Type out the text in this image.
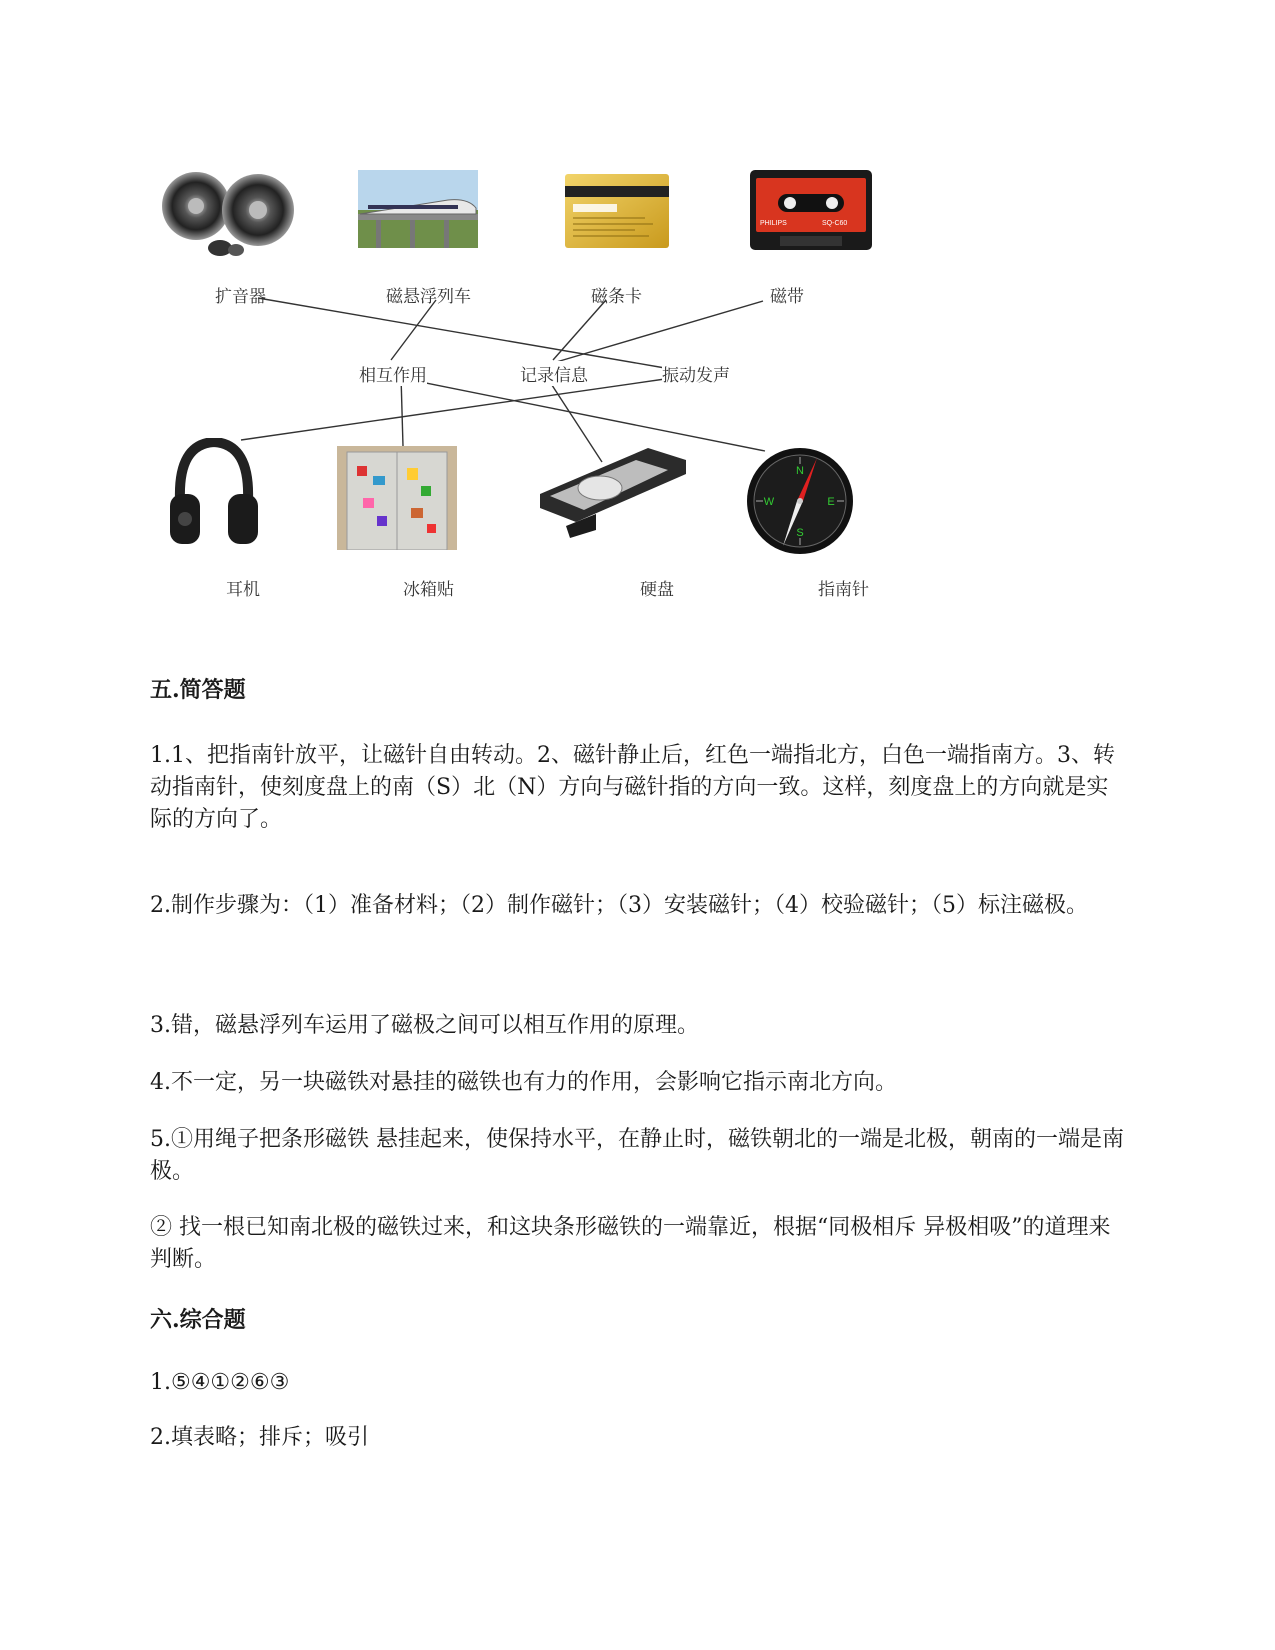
PHILIPS	SQ-C60
扩音器	磁悬浮列车	磁条卡	磁带
相互作用	记录信息	振动发声
N
E
S
W
耳机	冰箱贴	硬盘	指南针
五.简答题
1.1、把指南针放平，让磁针自由转动。2、磁针静止后，红色一端指北方，白色一端指南方。3、转动指南针，使刻度盘上的南（S）北（N）方向与磁针指的方向一致。这样，刻度盘上的方向就是实际的方向了。
2.制作步骤为：（1）准备材料；（2）制作磁针；（3）安装磁针；（4）校验磁针；（5）标注磁极。
3.错，磁悬浮列车运用了磁极之间可以相互作用的原理。
4.不一定，另一块磁铁对悬挂的磁铁也有力的作用，会影响它指示南北方向。
5.①用绳子把条形磁铁 悬挂起来，使保持水平，在静止时，磁铁朝北的一端是北极，朝南的一端是南极。
② 找一根已知南北极的磁铁过来，和这块条形磁铁的一端靠近，根据“同极相斥 异极相吸”的道理来判断。
六.综合题
1.⑤④①②⑥③
2.填表略；排斥；吸引
